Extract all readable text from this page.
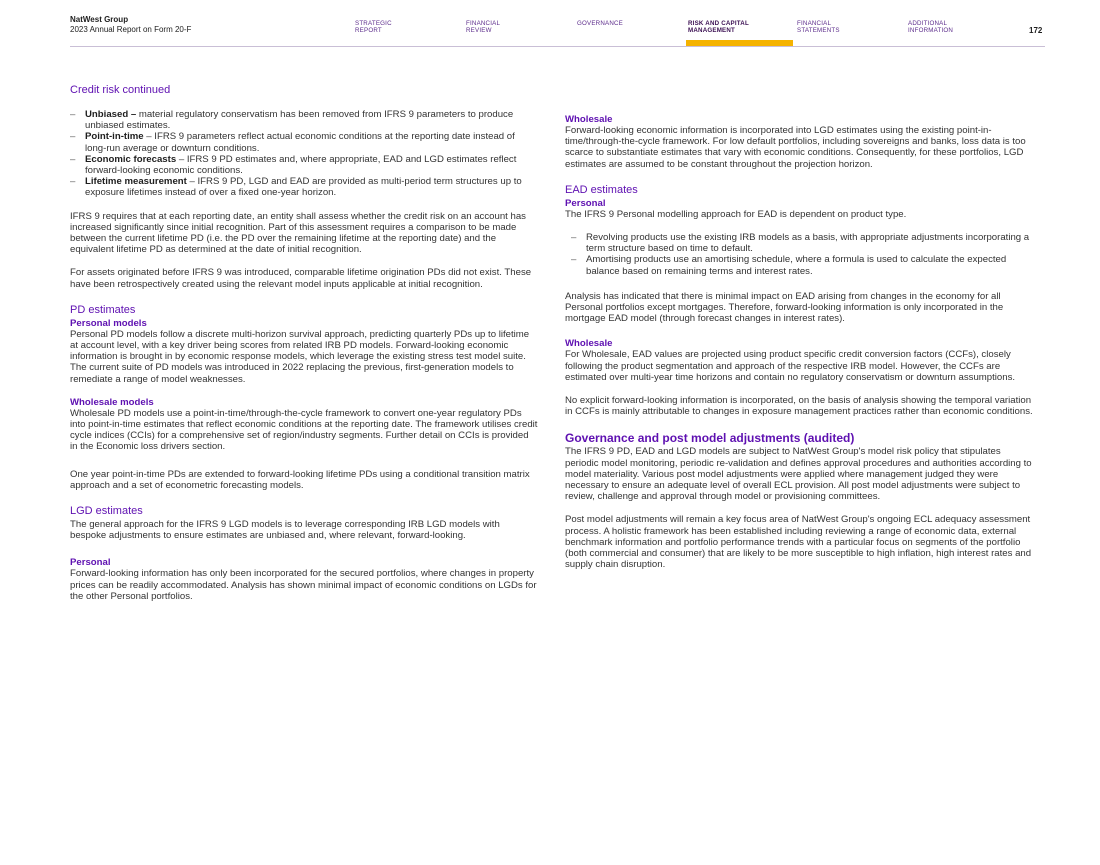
NatWest Group
2023 Annual Report on Form 20-F
STRATEGIC
REPORT
FINANCIAL
REVIEW
GOVERNANCE	RISK AND CAPITAL
MANAGEMENT
FINANCIAL
STATEMENTS
ADDITIONAL
INFORMATION	172
Credit risk continued
– Unbiased – material regulatory conservatism has been removed from IFRS 9 parameters to produce unbiased estimates.
– Point-in-time – IFRS 9 parameters reflect actual economic conditions at the reporting date instead of long-run average or downturn conditions.
– Economic forecasts – IFRS 9 PD estimates and, where appropriate, EAD and LGD estimates reflect forward-looking economic conditions.
– Lifetime measurement – IFRS 9 PD, LGD and EAD are provided as multi-period term structures up to exposure lifetimes instead of over a fixed one-year horizon.

IFRS 9 requires that at each reporting date, an entity shall assess whether the credit risk on an account has increased significantly since initial recognition. Part of this assessment requires a comparison to be made between the current lifetime PD (i.e. the PD over the remaining lifetime at the reporting date) and the equivalent lifetime PD as determined at the date of initial recognition.

For assets originated before IFRS 9 was introduced, comparable lifetime origination PDs did not exist. These have been retrospectively created using the relevant model inputs applicable at initial recognition.

PD estimates
Personal models

Personal PD models follow a discrete multi-horizon survival approach, predicting quarterly PDs up to lifetime at account level, with a key driver being scores from related IRB PD models. Forward-looking economic information is brought in by economic response models, which leverage the existing stress test model suite. The current suite of PD models was introduced in 2022 replacing the previous, first-generation models to remediate a range of model weaknesses.

Wholesale models

Wholesale PD models use a point-in-time/through-the-cycle framework to convert one-year regulatory PDs into point-in-time estimates that reflect economic conditions at the reporting date. The framework utilises credit cycle indices (CCIs) for a comprehensive set of region/industry segments. Further detail on CCIs is provided in the Economic loss drivers section.

One year point-in-time PDs are extended to forward-looking lifetime PDs using a conditional transition matrix approach and a set of econometric forecasting models.

LGD estimates

The general approach for the IFRS 9 LGD models is to leverage corresponding IRB LGD models with bespoke adjustments to ensure estimates are unbiased and, where relevant, forward-looking.

Personal

Forward-looking information has only been incorporated for the secured portfolios, where changes in property prices can be readily accommodated. Analysis has shown minimal impact of economic conditions on LGDs for the other Personal portfolios.

Wholesale

Forward-looking economic information is incorporated into LGD estimates using the existing point-in-time/through-the-cycle framework. For low default portfolios, including sovereigns and banks, loss data is too scarce to substantiate estimates that vary with economic conditions. Consequently, for these portfolios, LGD estimates are assumed to be constant throughout the projection horizon.

EAD estimates
Personal

The IFRS 9 Personal modelling approach for EAD is dependent on product type.

– Revolving products use the existing IRB models as a basis, with appropriate adjustments incorporating a term structure based on time to default.
– Amortising products use an amortising schedule, where a formula is used to calculate the expected balance based on remaining terms and interest rates.

Analysis has indicated that there is minimal impact on EAD arising from changes in the economy for all Personal portfolios except mortgages. Therefore, forward-looking information is only incorporated in the mortgage EAD model (through forecast changes in interest rates).

Wholesale

For Wholesale, EAD values are projected using product specific credit conversion factors (CCFs), closely following the product segmentation and approach of the respective IRB model. However, the CCFs are estimated over multi-year time horizons and contain no regulatory conservatism or downturn assumptions.

No explicit forward-looking information is incorporated, on the basis of analysis showing the temporal variation in CCFs is mainly attributable to changes in exposure management practices rather than economic conditions.

Governance and post model adjustments (audited)

The IFRS 9 PD, EAD and LGD models are subject to NatWest Group's model risk policy that stipulates periodic model monitoring, periodic re-validation and defines approval procedures and authorities according to model materiality. Various post model adjustments were applied where management judged they were necessary to ensure an adequate level of overall ECL provision. All post model adjustments were subject to review, challenge and approval through model or provisioning committees.

Post model adjustments will remain a key focus area of NatWest Group's ongoing ECL adequacy assessment process. A holistic framework has been established including reviewing a range of economic data, external benchmark information and portfolio performance trends with a particular focus on segments of the portfolio (both commercial and consumer) that are likely to be more susceptible to high inflation, high interest rates and supply chain disruption.
